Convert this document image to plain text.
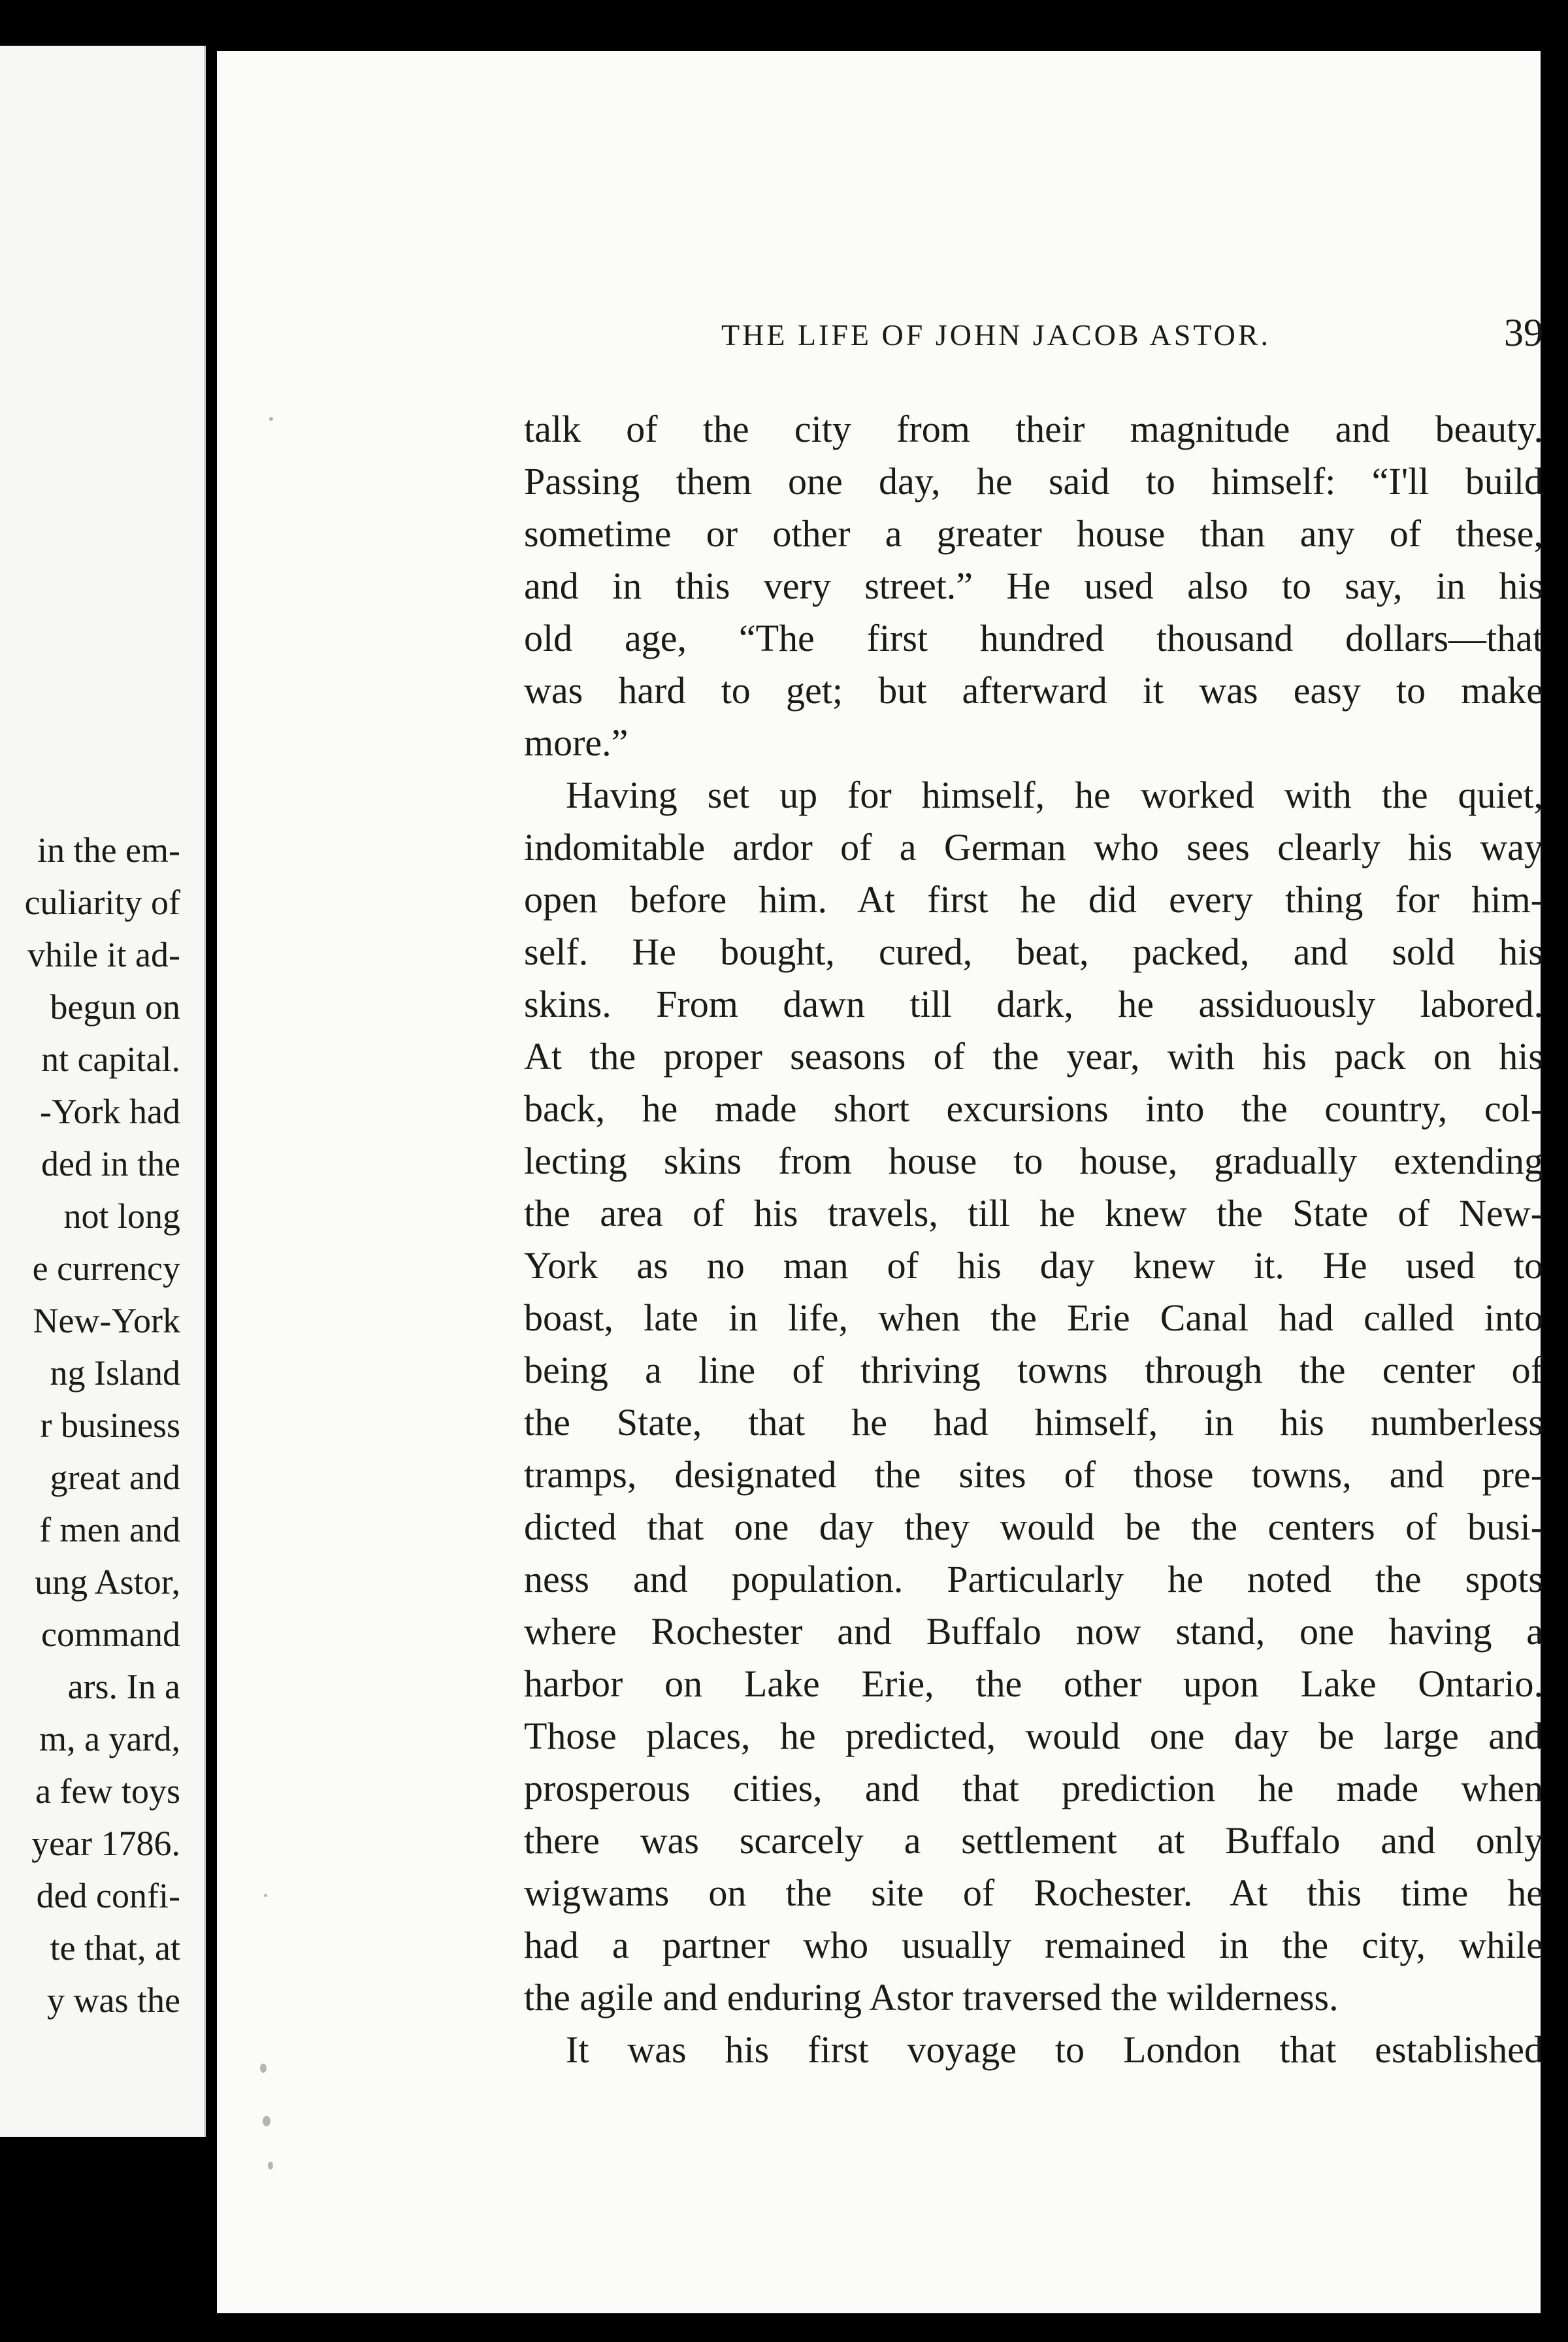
in the em-
culiarity of
vhile it ad-
begun on
nt capital.
-York had
ded in the
not long
e currency
New-York
ng Island
r business
great and
f men and
ung Astor,
command
ars. In a
m, a yard,
a few toys
year 1786.
ded confi-
te that, at
y was the
THE LIFE OF JOHN JACOB ASTOR.	39
talk of the city from their magnitude and beauty.
Passing them one day, he said to himself: “I'll build
sometime or other a greater house than any of these,
and in this very street.” He used also to say, in his
old age, “The first hundred thousand dollars—that
was hard to get; but afterward it was easy to make
more.”
Having set up for himself, he worked with the quiet,
indomitable ardor of a German who sees clearly his way
open before him. At first he did every thing for him-
self. He bought, cured, beat, packed, and sold his
skins. From dawn till dark, he assiduously labored.
At the proper seasons of the year, with his pack on his
back, he made short excursions into the country, col-
lecting skins from house to house, gradually extending
the area of his travels, till he knew the State of New-
York as no man of his day knew it. He used to
boast, late in life, when the Erie Canal had called into
being a line of thriving towns through the center of
the State, that he had himself, in his numberless
tramps, designated the sites of those towns, and pre-
dicted that one day they would be the centers of busi-
ness and population. Particularly he noted the spots
where Rochester and Buffalo now stand, one having a
harbor on Lake Erie, the other upon Lake Ontario.
Those places, he predicted, would one day be large and
prosperous cities, and that prediction he made when
there was scarcely a settlement at Buffalo and only
wigwams on the site of Rochester. At this time he
had a partner who usually remained in the city, while
the agile and enduring Astor traversed the wilderness.
It was his first voyage to London that established
